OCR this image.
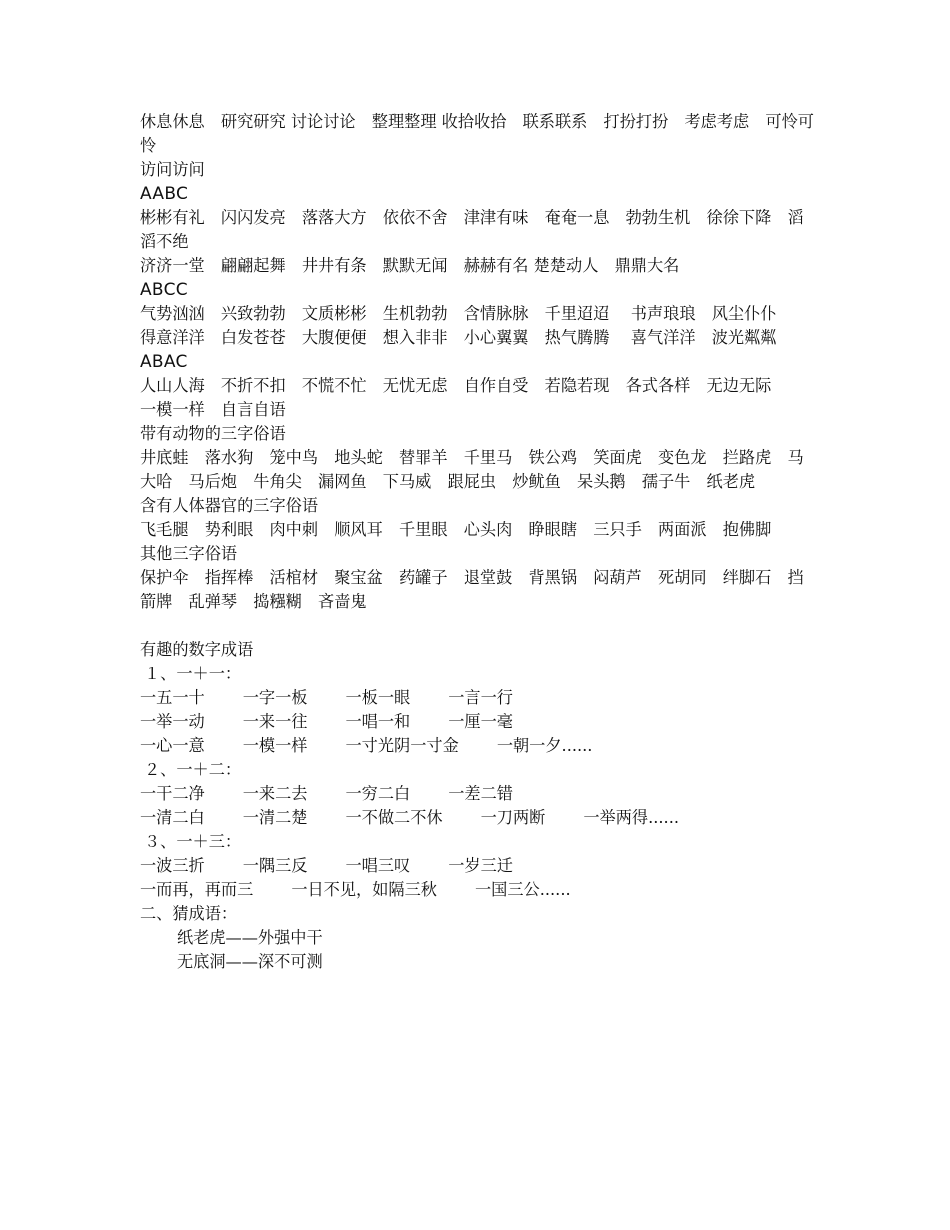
休息休息　研究研究 讨论讨论　整理整理 收拾收拾　联系联系　打扮打扮　考虑考虑　可怜可怜

访问访问

AABC

彬彬有礼　闪闪发亮　落落大方　依依不舍　津津有味　奄奄一息　勃勃生机　徐徐下降　滔滔不绝

济济一堂　翩翩起舞　井井有条　默默无闻　赫赫有名 楚楚动人　鼎鼎大名

ABCC

气势汹汹　兴致勃勃　文质彬彬　生机勃勃　含情脉脉　千里迢迢　 书声琅琅　风尘仆仆

得意洋洋　白发苍苍　大腹便便　想入非非　小心翼翼　热气腾腾　 喜气洋洋　波光粼粼

ABAC

人山人海　不折不扣　不慌不忙　无忧无虑　自作自受　若隐若现　各式各样　无边无际

一模一样　自言自语

带有动物的三字俗语

井底蛙　落水狗　笼中鸟　地头蛇　替罪羊　千里马　铁公鸡　笑面虎　变色龙　拦路虎　马大哈　马后炮　牛角尖　漏网鱼　下马威　跟屁虫　炒鱿鱼　呆头鹅　孺子牛　纸老虎

含有人体器官的三字俗语

飞毛腿　势利眼　肉中刺　顺风耳　千里眼　心头肉　睁眼瞎　三只手　两面派　抱佛脚

其他三字俗语

保护伞　指挥棒　活棺材　聚宝盆　药罐子　退堂鼓　背黑锅　闷葫芦　死胡同　绊脚石　挡箭牌　乱弹琴　捣糨糊　吝啬鬼

有趣的数字成语

１、一＋一：

一五一十 一字一板 一板一眼 一言一行

一举一动 一来一往 一唱一和 一厘一毫

一心一意 一模一样 一寸光阴一寸金 一朝一夕......

２、一＋二：

一干二净 一来二去 一穷二白 一差二错

一清二白 一清二楚 一不做二不休 一刀两断 一举两得......

３、一＋三：

一波三折 一隅三反 一唱三叹 一岁三迁

一而再，再而三 一日不见，如隔三秋 一国三公......

二、猜成语：

纸老虎——外强中干

无底洞——深不可测
